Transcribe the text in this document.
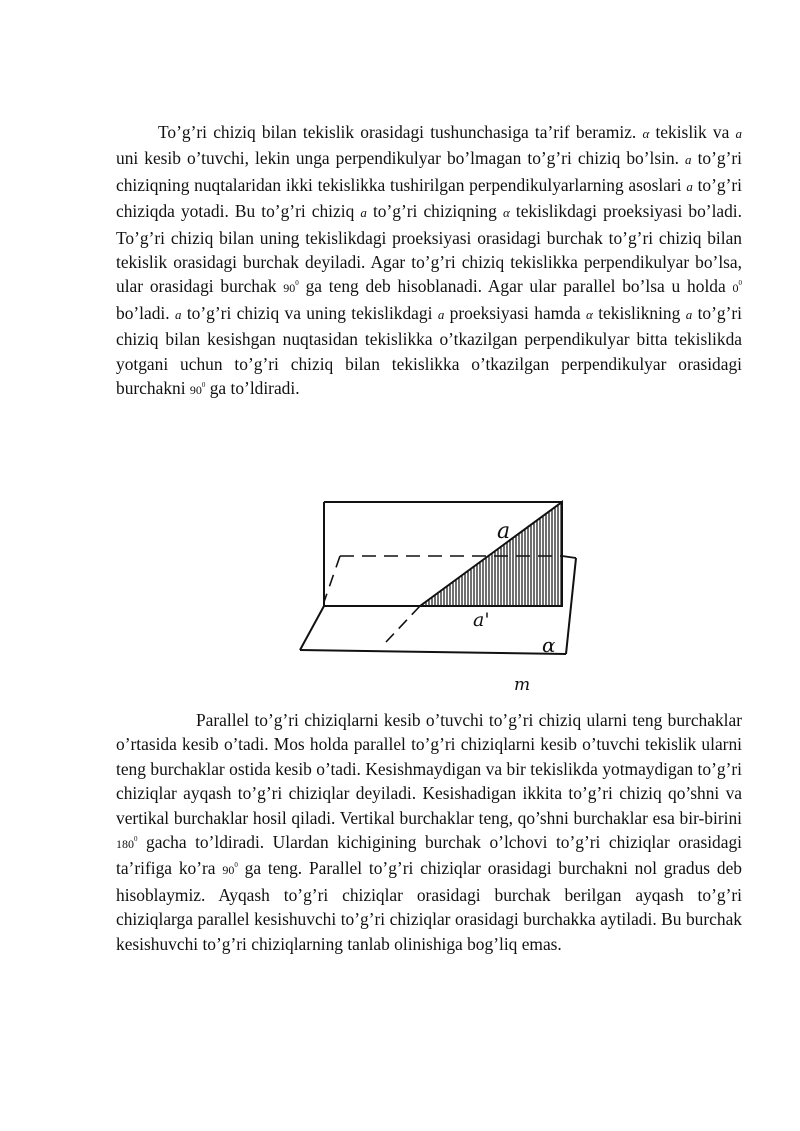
To’g’ri chiziq bilan tekislik orasidagi tushunchasiga ta’rif beramiz. α tekislik va a uni kesib o’tuvchi, lekin unga perpendikulyar bo’lmagan to’g’ri chiziq bo’lsin. a to’g’ri chiziqning nuqtalaridan ikki tekislikka tushirilgan perpendikulyarlarning asoslari a to’g’ri chiziqda yotadi. Bu to’g’ri chiziq a to’g’ri chiziqning α tekislikdagi proeksiyasi bo’ladi. To’g’ri chiziq bilan uning tekislikdagi proeksiyasi orasidagi burchak to’g’ri chiziq bilan tekislik orasidagi burchak deyiladi. Agar to’g’ri chiziq tekislikka perpendikulyar bo’lsa, ular orasidagi burchak $90^0$ ga teng deb hisoblanadi. Agar ular parallel bo’lsa u holda $0^0$ bo’ladi. a to’g’ri chiziq va uning tekislikdagi a proeksiyasi hamda α tekislikning a to’g’ri chiziq bilan kesishgan nuqtasidan tekislikka o’tkazilgan perpendikulyar bitta tekislikda yotgani uchun to’g’ri chiziq bilan tekislikka o’tkazilgan perpendikulyar orasidagi burchakni $90^0$ ga to’ldiradi.

a
a'
α
m

Parallel to’g’ri chiziqlarni kesib o’tuvchi to’g’ri chiziq ularni teng burchaklar o’rtasida kesib o’tadi. Mos holda parallel to’g’ri chiziqlarni kesib o’tuvchi tekislik ularni teng burchaklar ostida kesib o’tadi. Kesishmaydigan va bir tekislikda yotmaydigan to’g’ri chiziqlar ayqash to’g’ri chiziqlar deyiladi. Kesishadigan ikkita to’g’ri chiziq qo’shni va vertikal burchaklar hosil qiladi. Vertikal burchaklar teng, qo’shni burchaklar esa bir-birini $180^0$ gacha to’ldiradi. Ulardan kichigining burchak o’lchovi to’g’ri chiziqlar orasidagi ta’rifiga ko’ra $90^0$ ga teng. Parallel to’g’ri chiziqlar orasidagi burchakni nol gradus deb hisoblaymiz. Ayqash to’g’ri chiziqlar orasidagi burchak berilgan ayqash to’g’ri chiziqlarga parallel kesishuvchi to’g’ri chiziqlar orasidagi burchakka aytiladi. Bu burchak kesishuvchi to’g’ri chiziqlarning tanlab olinishiga bog’liq emas.
